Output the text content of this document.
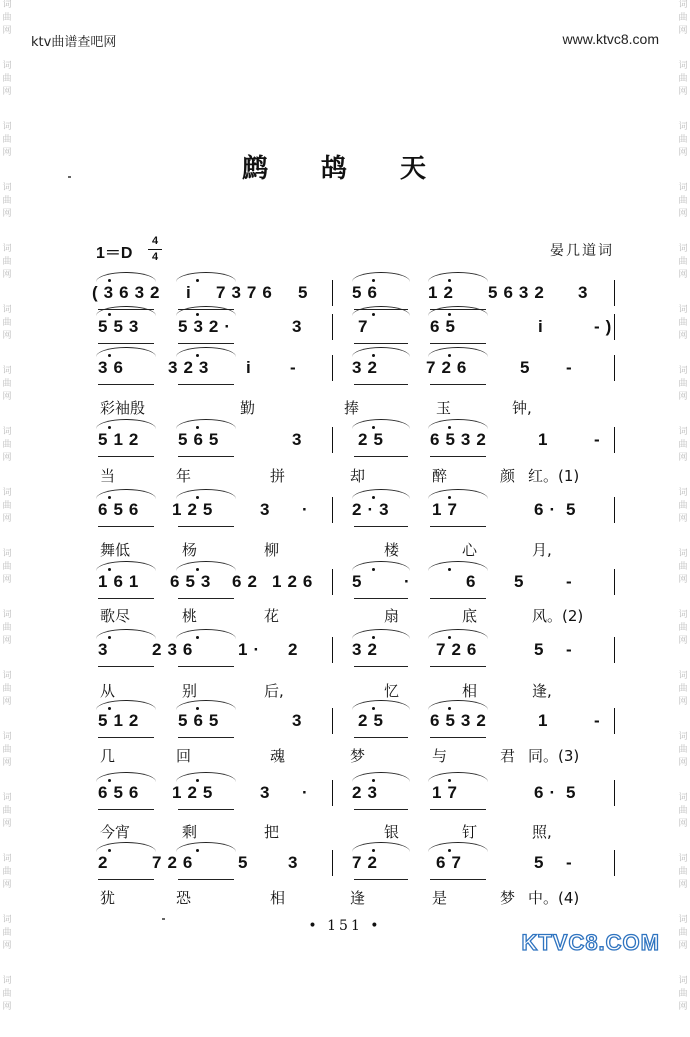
词
曲
网
词
曲
网
词
曲
网
词
曲
网
词
曲
网
词
曲
网
词
曲
网
词
曲
网
词
曲
网
词
曲
网
词
曲
网
词
曲
网
词
曲
网
词
曲
网
词
曲
网
词
曲
网
词
曲
网
词
曲
网
词
曲
网
词
曲
网
词
曲
网
词
曲
网
词
曲
网
词
曲
网
词
曲
网
词
曲
网
词
曲
网
词
曲
网
词
曲
网
词
曲
网
词
曲
网
词
曲
网
词
曲
网
词
曲
网
ktv曲谱查吧网	www.ktvc8.com
鹧 鸪 天
1＝D
4
4	晏几道词
(3632 i 7376 5 56	12 5632 3
553 532·	3	7	65	i	-)
36 323 i -	32	726	5 -
彩袖殷	勤	捧	玉	钟,
512 565	3	25 6532	1 -
当	年	拼	却	醉	颜 红。(1)
656 125 3 · 2·3 17	6· 5
舞低	杨	柳	楼	心	月,
161 653 62 126 5 ·	6 5 -
歌尽	桃	花	扇	底	风。(2)
3 236 1· 2	32	726	5 -
从	别	后,	忆	相	逢,
512 565	3	25 6532	1 -
几	回	魂	梦	与	君 同。(3)
656 125 3 · 23	17	6· 5
今宵	剩	把	银	钉	照,
2 726 5 3	72	67	5 -
犹	恐	相	逢	是	梦 中。(4)
• 151 •
KTVC8.COM
